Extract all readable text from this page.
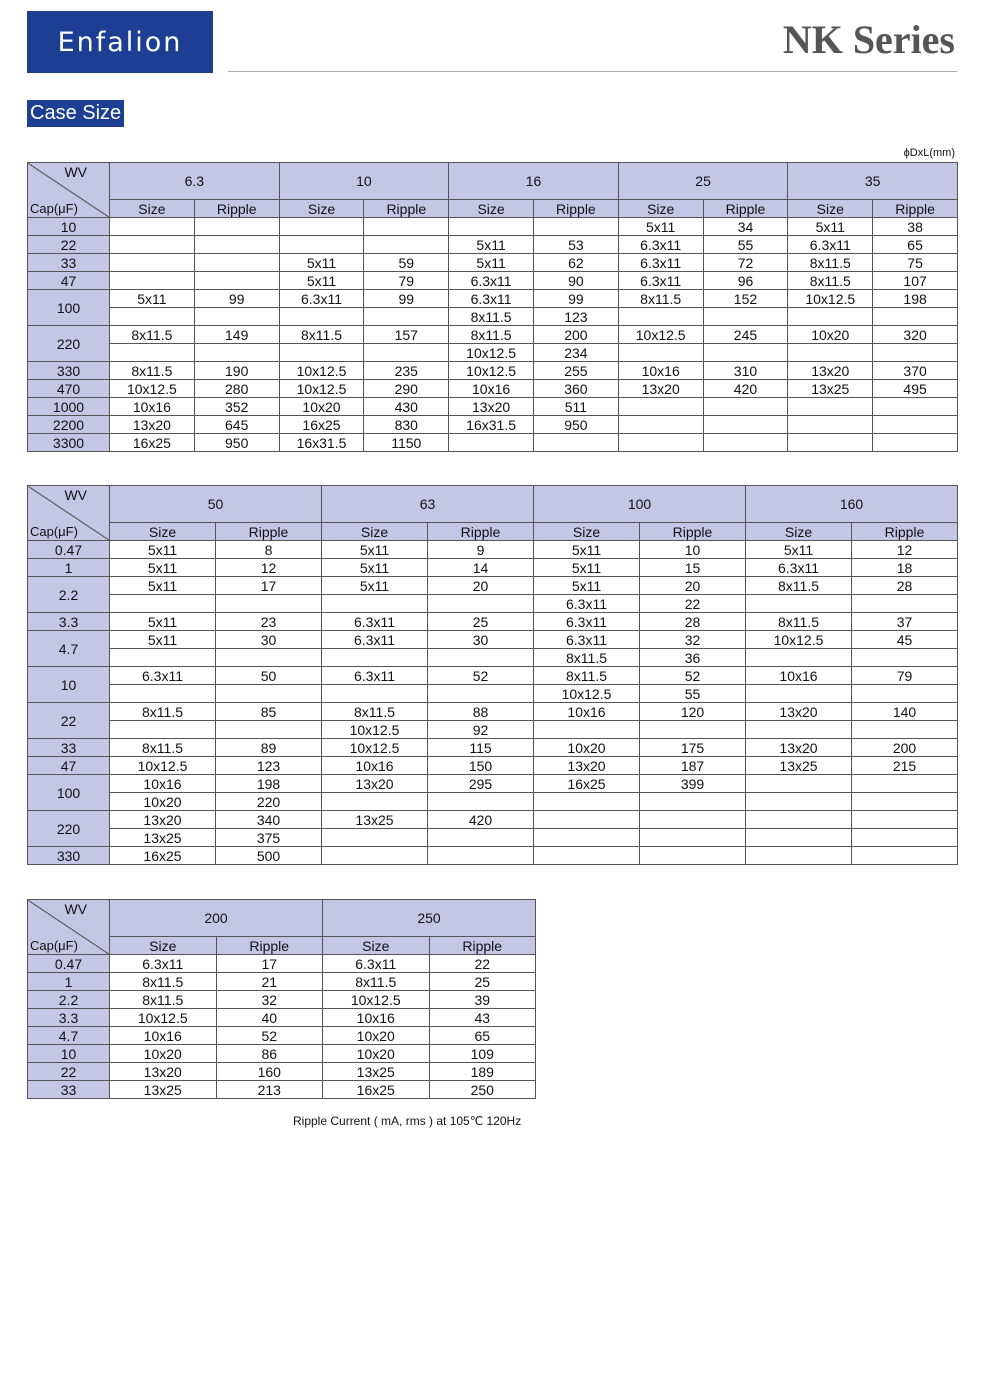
Enfalion	NK Series
Case Size
ϕDxL(mm)
WV
Cap(μF)	6.3		10		16		25		35	
	Size	Ripple	Size	Ripple	Size	Ripple	Size	Ripple	Size	Ripple
10							5x11	34	5x11	38
22					5x11	53	6.3x11	55	6.3x11	65
33			5x11	59	5x11	62	6.3x11	72	8x11.5	75
47			5x11	79	6.3x11	90	6.3x11	96	8x11.5	107
100	5x11	99	6.3x11	99	6.3x11	99	8x11.5	152	10x12.5	198
					8x11.5	123				
220	8x11.5	149	8x11.5	157	8x11.5	200	10x12.5	245	10x20	320
					10x12.5	234				
330	8x11.5	190	10x12.5	235	10x12.5	255	10x16	310	13x20	370
470	10x12.5	280	10x12.5	290	10x16	360	13x20	420	13x25	495
1000	10x16	352	10x20	430	13x20	511				
2200	13x20	645	16x25	830	16x31.5	950				
3300	16x25	950	16x31.5	1150						
WV
Cap(μF)	50		63		100		160	
	Size	Ripple	Size	Ripple	Size	Ripple	Size	Ripple
0.47	5x11	8	5x11	9	5x11	10	5x11	12
1	5x11	12	5x11	14	5x11	15	6.3x11	18
2.2	5x11	17	5x11	20	5x11	20	8x11.5	28
					6.3x11	22		
3.3	5x11	23	6.3x11	25	6.3x11	28	8x11.5	37
4.7	5x11	30	6.3x11	30	6.3x11	32	10x12.5	45
					8x11.5	36		
10	6.3x11	50	6.3x11	52	8x11.5	52	10x16	79
					10x12.5	55		
22	8x11.5	85	8x11.5	88	10x16	120	13x20	140
			10x12.5	92				
33	8x11.5	89	10x12.5	115	10x20	175	13x20	200
47	10x12.5	123	10x16	150	13x20	187	13x25	215
100	10x16	198	13x20	295	16x25	399		
	10x20	220						
220	13x20	340	13x25	420				
	13x25	375						
330	16x25	500						
WV
Cap(μF)	200		250	
	Size	Ripple	Size	Ripple
0.47	6.3x11	17	6.3x11	22
1	8x11.5	21	8x11.5	25
2.2	8x11.5	32	10x12.5	39
3.3	10x12.5	40	10x16	43
4.7	10x16	52	10x20	65
10	10x20	86	10x20	109
22	13x20	160	13x25	189
33	13x25	213	16x25	250
Ripple Current ( mA, rms ) at 105℃ 120Hz
